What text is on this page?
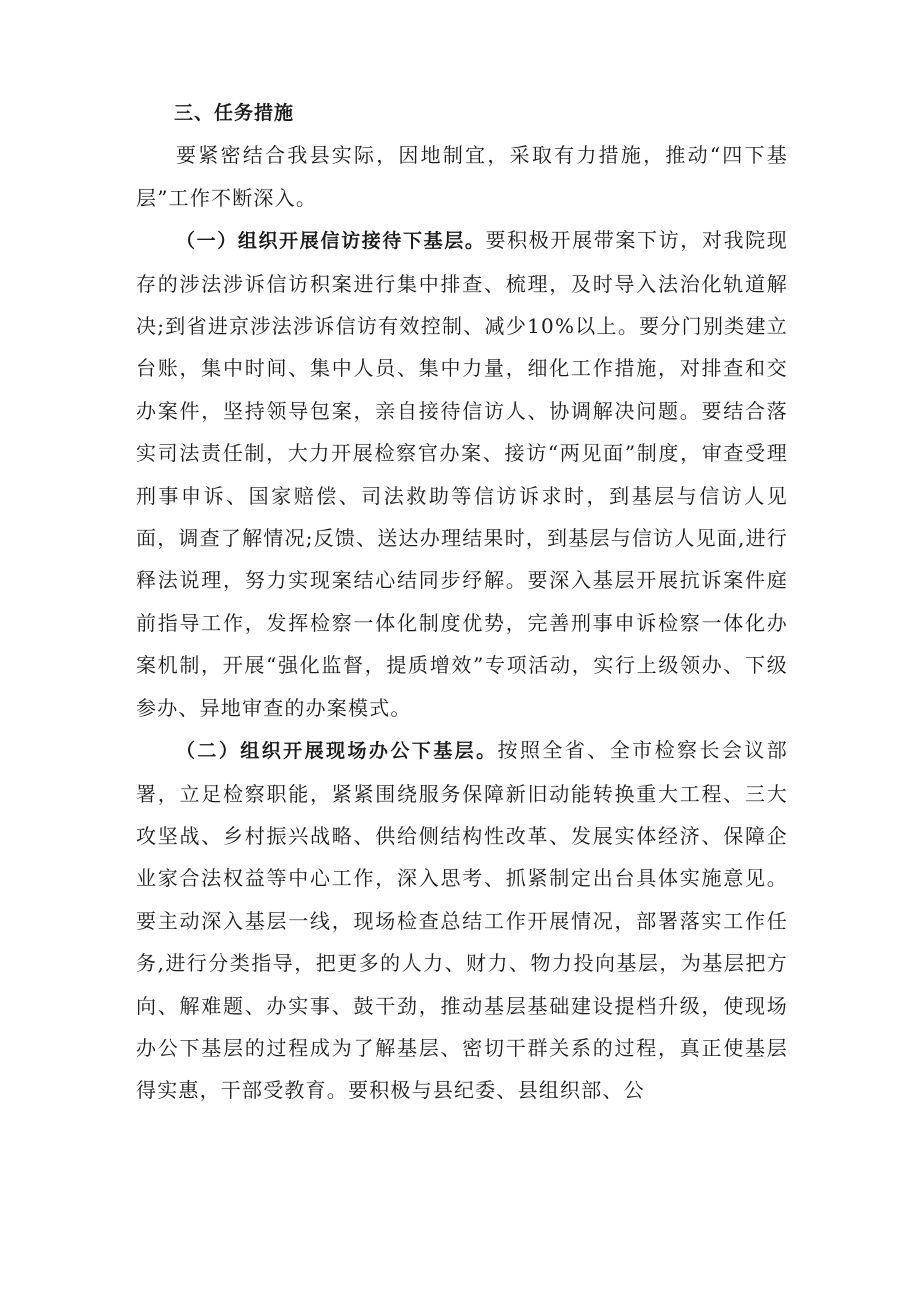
三、任务措施

要紧密结合我县实际，因地制宜，采取有力措施，推动“四下基层”工作不断深入。

（一）组织开展信访接待下基层。要积极开展带案下访，对我院现存的涉法涉诉信访积案进行集中排查、梳理，及时导入法治化轨道解决;到省进京涉法涉诉信访有效控制、减少10%以上。要分门别类建立台账，集中时间、集中人员、集中力量，细化工作措施，对排查和交办案件，坚持领导包案，亲自接待信访人、协调解决问题。要结合落实司法责任制，大力开展检察官办案、接访“两见面”制度，审查受理刑事申诉、国家赔偿、司法救助等信访诉求时，到基层与信访人见面，调查了解情况;反馈、送达办理结果时，到基层与信访人见面,进行释法说理，努力实现案结心结同步纾解。要深入基层开展抗诉案件庭前指导工作，发挥检察一体化制度优势，完善刑事申诉检察一体化办案机制，开展“强化监督，提质增效”专项活动，实行上级领办、下级参办、异地审查的办案模式。

（二）组织开展现场办公下基层。按照全省、全市检察长会议部署，立足检察职能，紧紧围绕服务保障新旧动能转换重大工程、三大攻坚战、乡村振兴战略、供给侧结构性改革、发展实体经济、保障企业家合法权益等中心工作，深入思考、抓紧制定出台具体实施意见。要主动深入基层一线，现场检查总结工作开展情况，部署落实工作任务,进行分类指导，把更多的人力、财力、物力投向基层，为基层把方向、解难题、办实事、鼓干劲，推动基层基础建设提档升级，使现场办公下基层的过程成为了解基层、密切干群关系的过程，真正使基层得实惠，干部受教育。要积极与县纪委、县组织部、公
